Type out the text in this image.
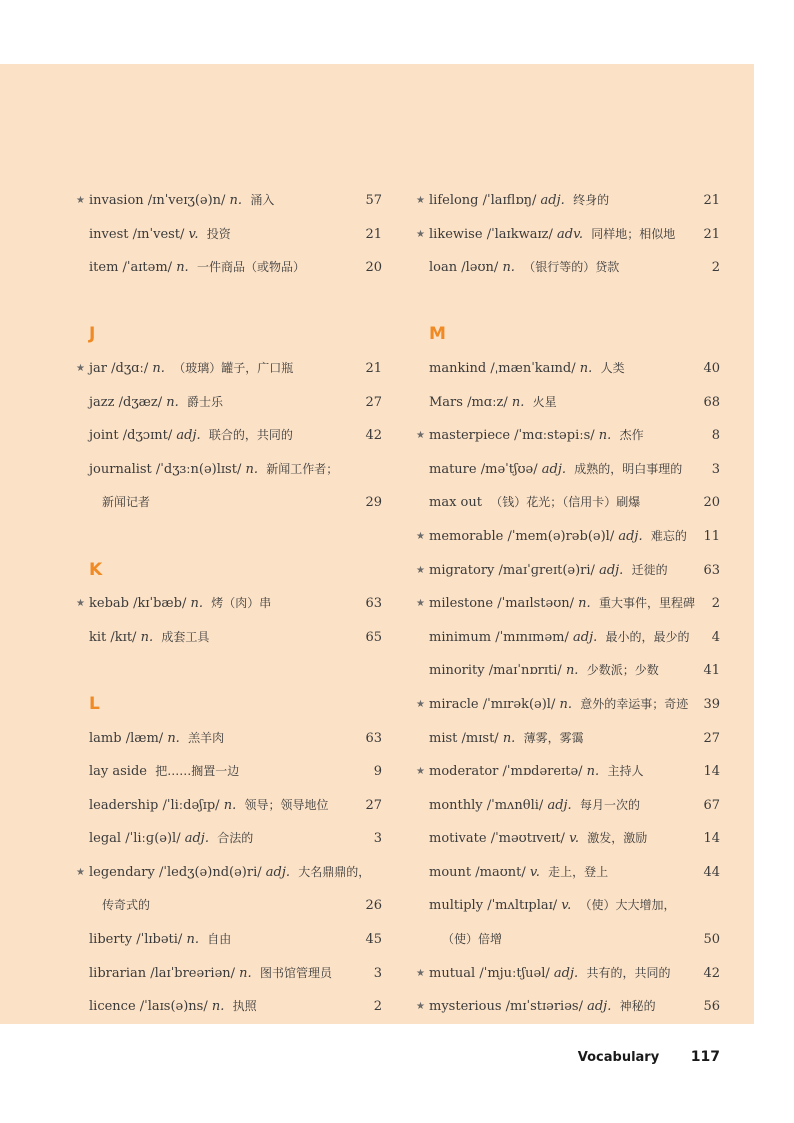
★ invasion /ɪnˈveɪʒ(ə)n/ n. 涌入	57
invest /ɪnˈvest/ v. 投资	21
item /ˈaɪtəm/ n. 一件商品（或物品）	20
J
★ jar /dʒɑː/ n. （玻璃）罐子，广口瓶	21
jazz /dʒæz/ n. 爵士乐	27
joint /dʒɔɪnt/ adj. 联合的，共同的	42
journalist /ˈdʒɜːn(ə)lɪst/ n. 新闻工作者；
新闻记者	29
K
★ kebab /kɪˈbæb/ n. 烤（肉）串	63
kit /kɪt/ n. 成套工具	65
L
lamb /læm/ n. 羔羊肉	63
lay aside 把……搁置一边	9
leadership /ˈliːdəʃɪp/ n. 领导；领导地位	27
legal /ˈliːɡ(ə)l/ adj. 合法的	3
★ legendary /ˈledʒ(ə)nd(ə)ri/ adj. 大名鼎鼎的，
传奇式的	26
liberty /ˈlɪbəti/ n. 自由	45
librarian /laɪˈbreəriən/ n. 图书馆管理员	3
licence /ˈlaɪs(ə)ns/ n. 执照	2
★ lifelong /ˈlaɪflɒŋ/ adj. 终身的	21
★ likewise /ˈlaɪkwaɪz/ adv. 同样地；相似地 21
loan /ləʊn/ n. （银行等的）贷款	2
M
mankind /ˌmænˈkaɪnd/ n. 人类	40
Mars /mɑːz/ n. 火星	68
★ masterpiece /ˈmɑːstəpiːs/ n. 杰作	8
mature /məˈtʃʊə/ adj. 成熟的，明白事理的 3
max out （钱）花光；（信用卡）刷爆	20
★ memorable /ˈmem(ə)rəb(ə)l/ adj. 难忘的 11
★ migratory /maɪˈɡreɪt(ə)ri/ adj. 迁徙的	63
★ milestone /ˈmaɪlstəʊn/ n. 重大事件，里程碑 2
minimum /ˈmɪnɪməm/ adj. 最小的，最少的 4
minority /maɪˈnɒrɪti/ n. 少数派；少数	41
★ miracle /ˈmɪrək(ə)l/ n. 意外的幸运事；奇迹 39
mist /mɪst/ n. 薄雾，雾霭	27
★ moderator /ˈmɒdəreɪtə/ n. 主持人	14
monthly /ˈmʌnθli/ adj. 每月一次的	67
motivate /ˈməʊtɪveɪt/ v. 激发，激励	14
mount /maʊnt/ v. 走上，登上	44
multiply /ˈmʌltɪplaɪ/ v. （使）大大增加，
（使）倍增	50
★ mutual /ˈmjuːtʃuəl/ adj. 共有的，共同的	42
★ mysterious /mɪˈstɪəriəs/ adj. 神秘的	56
Vocabulary 117
